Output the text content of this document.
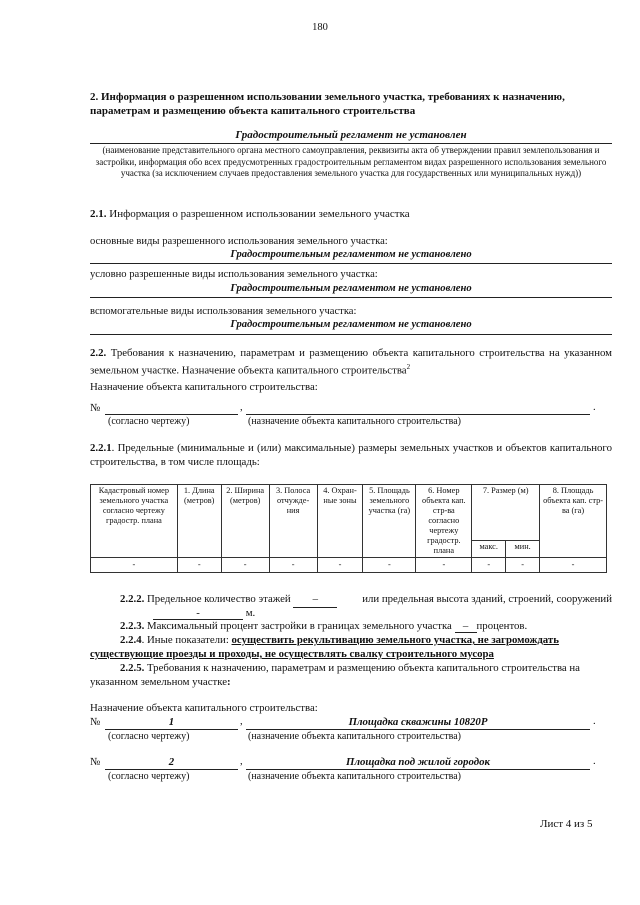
180
2. Информация о разрешенном использовании земельного участка, требованиях к назначению, параметрам и размещению объекта капитального строительства
Градостроительный регламент не установлен
(наименование представительного органа местного самоуправления, реквизиты акта об утверждении правил землепользования и застройки, информация обо всех предусмотренных градостроительным регламентом видах разрешенного использования земельного участка (за исключением случаев предоставления земельного участка для государственных или муниципальных нужд))
2.1. Информация о разрешенном использовании земельного участка
основные виды разрешенного использования земельного участка:
Градостроительным регламентом не установлено
условно разрешенные виды использования земельного участка:
Градостроительным регламентом не установлено
вспомогательные виды использования земельного участка:
Градостроительным регламентом не установлено
2.2. Требования к назначению, параметрам и размещению объекта капитального строительства на указанном земельном участке. Назначение объекта капитального строительства$^2$
Назначение объекта капитального строительства:
№	,	.
(согласно чертежу)	(назначение объекта капитального строительства)
2.2.1. Предельные (минимальные и (или) максимальные) размеры земельных участков и объектов капитального строительства, в том числе площадь:
Кадастровый номер земельного участка согласно чертежу градостр. плана	1. Длина (метров)	2. Ширина (метров)	3. Полоса отчужде-ния	4. Охран-ные зоны	5. Площадь земельного участка (га)	6. Номер объекта кап. стр-ва согласно чертежу градостр. плана	7. Размер (м)		8. Площадь объекта кап. стр-ва (га)
							макс.	мин.	
-	-	-	-	-	-	-	-	-	-
2.2.2. Предельное количество этажей –	или предельная высота зданий, строений, сооружений
-	м.
2.2.3. Максимальный процент застройки в границах земельного участка – процентов.
2.2.4. Иные показатели: осуществить рекультивацию земельного участка, не загромождать существующие проезды и проходы, не осуществлять свалку строительного мусора
2.2.5. Требования к назначению, параметрам и размещению объекта капитального строительства на указанном земельном участке:
Назначение объекта капитального строительства:
№	1	,	Площадка скважины 10820Р	.
(согласно чертежу)	(назначение объекта капитального строительства)
№	2	,	Площадка под жилой городок	.
(согласно чертежу)	(назначение объекта капитального строительства)
Лист 4 из 5
